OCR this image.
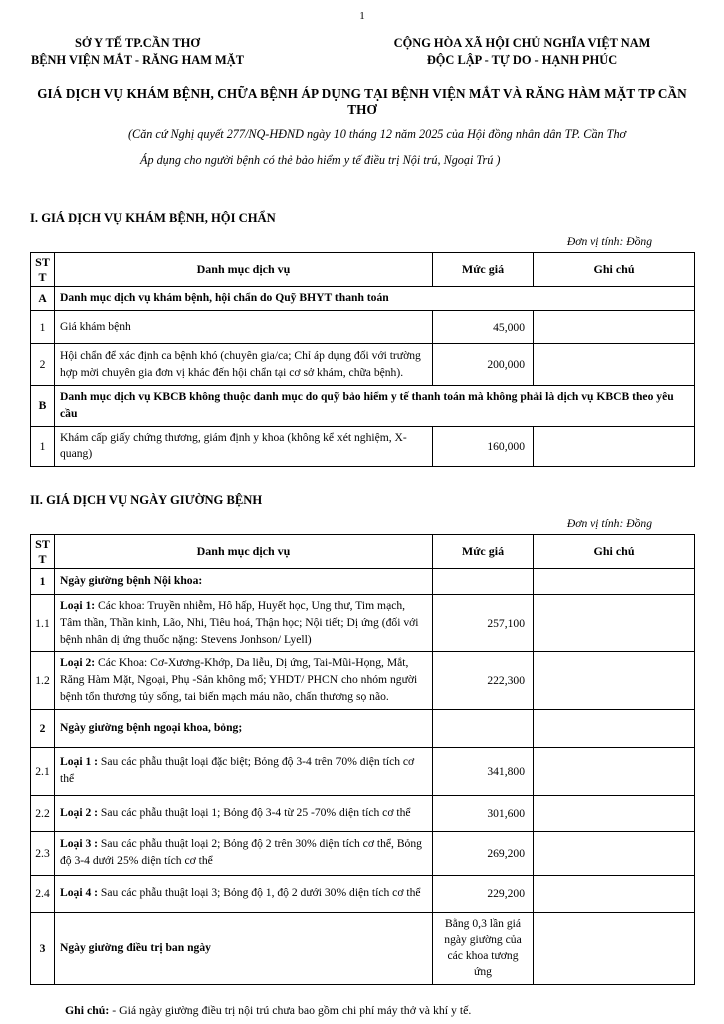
1
SỞ Y TẾ TP.CẦN THƠ
BỆNH VIỆN MẮT - RĂNG HAM MẶT
CỘNG HÒA XÃ HỘI CHỦ NGHĨA VIỆT NAM
ĐỘC LẬP - TỰ DO - HẠNH PHÚC
GIÁ DỊCH VỤ KHÁM BỆNH, CHỮA BỆNH ÁP DỤNG TẠI BỆNH VIỆN MẮT VÀ RĂNG HÀM MẶT TP CẦN THƠ
(Căn cứ Nghị quyết 277/NQ-HĐND ngày 10 tháng 12 năm 2025 của Hội đồng nhân dân TP. Cần Thơ
Áp dụng cho người bệnh có thẻ bảo hiểm y tế điều trị Nội trú, Ngoại Trú )
I. GIÁ DỊCH VỤ KHÁM BỆNH, HỘI CHẨN
Đơn vị tính: Đồng
STT	Danh mục dịch vụ	Mức giá	Ghi chú
A	Danh mục dịch vụ khám bệnh, hội chẩn do Quỹ BHYT thanh toán		
1	Giá khám bệnh	45,000	
2	Hội chẩn để xác định ca bệnh khó (chuyên gia/ca; Chỉ áp dụng đối với trường hợp mời chuyên gia đơn vị khác đến hội chẩn tại cơ sở khám, chữa bệnh).	200,000	
B	Danh mục dịch vụ KBCB không thuộc danh mục do quỹ bảo hiểm y tế thanh toán mà không phải là dịch vụ KBCB theo yêu cầu		
1	Khám cấp giấy chứng thương, giám định y khoa (không kể xét nghiệm, X-quang)	160,000	
II. GIÁ DỊCH VỤ NGÀY GIƯỜNG BỆNH
Đơn vị tính: Đồng
STT	Danh mục dịch vụ	Mức giá	Ghi chú
1	Ngày giường bệnh Nội khoa:		
1.1	Loại 1: Các khoa: Truyền nhiễm, Hô hấp, Huyết học, Ung thư, Tim mạch, Tâm thần, Thần kinh, Lão, Nhi, Tiêu hoá, Thận học; Nội tiết; Dị ứng (đối với bệnh nhân dị ứng thuốc nặng: Stevens Jonhson/ Lyell)	257,100	
1.2	Loại 2: Các Khoa: Cơ-Xương-Khớp, Da liễu, Dị ứng, Tai-Mũi-Họng, Mắt, Răng Hàm Mặt, Ngoại, Phụ -Sản không mổ; YHDT/ PHCN cho nhóm người bệnh tổn thương tủy sống, tai biến mạch máu não, chấn thương sọ não.	222,300	
2	Ngày giường bệnh ngoại khoa, bỏng;		
2.1	Loại 1 : Sau các phẫu thuật loại đặc biệt; Bỏng độ 3-4 trên 70% diện tích cơ thể	341,800	
2.2	Loại 2 : Sau các phẫu thuật loại 1; Bỏng độ 3-4 từ 25 -70% diện tích cơ thể	301,600	
2.3	Loại 3 : Sau các phẫu thuật loại 2; Bỏng độ 2 trên 30% diện tích cơ thể, Bỏng độ 3-4 dưới 25% diện tích cơ thể	269,200	
2.4	Loại 4 : Sau các phẫu thuật loại 3; Bỏng độ 1, độ 2 dưới 30% diện tích cơ thể	229,200	
3	Ngày giường điều trị ban ngày	Bằng 0,3 lần giá ngày giường của các khoa tương ứng	
Ghi chú: - Giá ngày giường điều trị nội trú chưa bao gồm chi phí máy thở và khí y tế.
